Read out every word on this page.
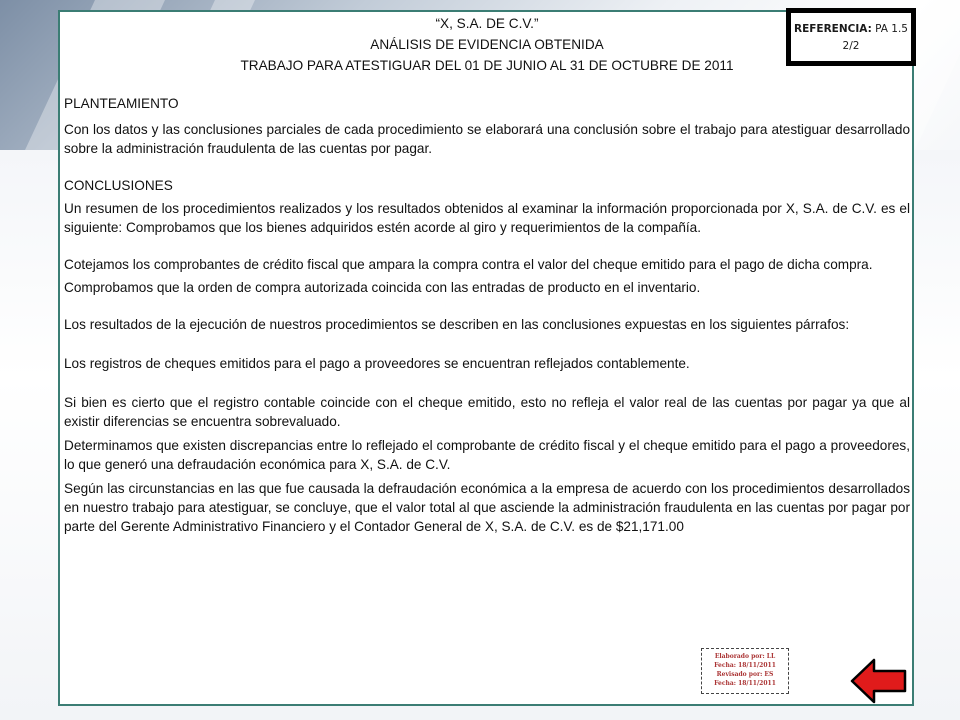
REFERENCIA: PA 1.5
2/2

“X, S.A. DE C.V.”

ANÁLISIS DE EVIDENCIA OBTENIDA

TRABAJO PARA ATESTIGUAR DEL 01 DE JUNIO AL 31 DE OCTUBRE DE 2011

PLANTEAMIENTO

Con los datos y las conclusiones parciales de cada procedimiento se elaborará una conclusión sobre el trabajo para atestiguar desarrollado sobre la administración fraudulenta de las cuentas por pagar.

CONCLUSIONES

Un resumen de los procedimientos realizados y los resultados obtenidos al examinar la información proporcionada por X, S.A. de C.V. es el siguiente: Comprobamos que los bienes adquiridos estén acorde al giro y requerimientos de la compañía.

Cotejamos los comprobantes de crédito fiscal que ampara la compra contra el valor del cheque emitido para el pago de dicha compra.

Comprobamos que la orden de compra autorizada coincida con las entradas de producto en el inventario.

Los resultados de la ejecución de nuestros procedimientos se describen en las conclusiones expuestas en los siguientes párrafos:

Los registros de cheques emitidos para el pago a proveedores se encuentran reflejados contablemente.

Si bien es cierto que el registro contable coincide con el cheque emitido, esto no refleja el valor real de las cuentas por pagar ya que al existir diferencias se encuentra sobrevaluado.

Determinamos que existen discrepancias entre lo reflejado el comprobante de crédito fiscal y el cheque emitido para el pago a proveedores, lo que generó una defraudación económica para X, S.A. de C.V.

Según las circunstancias en las que fue causada la defraudación económica a la empresa de acuerdo con los procedimientos desarrollados en nuestro trabajo para atestiguar, se concluye, que el valor total al que asciende la administración fraudulenta en las cuentas por pagar por parte del Gerente Administrativo Financiero y el Contador General de X, S.A. de C.V. es de $21,171.00

Elaborado por: LL
Fecha: 18/11/2011
Revisado por: ES
Fecha: 18/11/2011
